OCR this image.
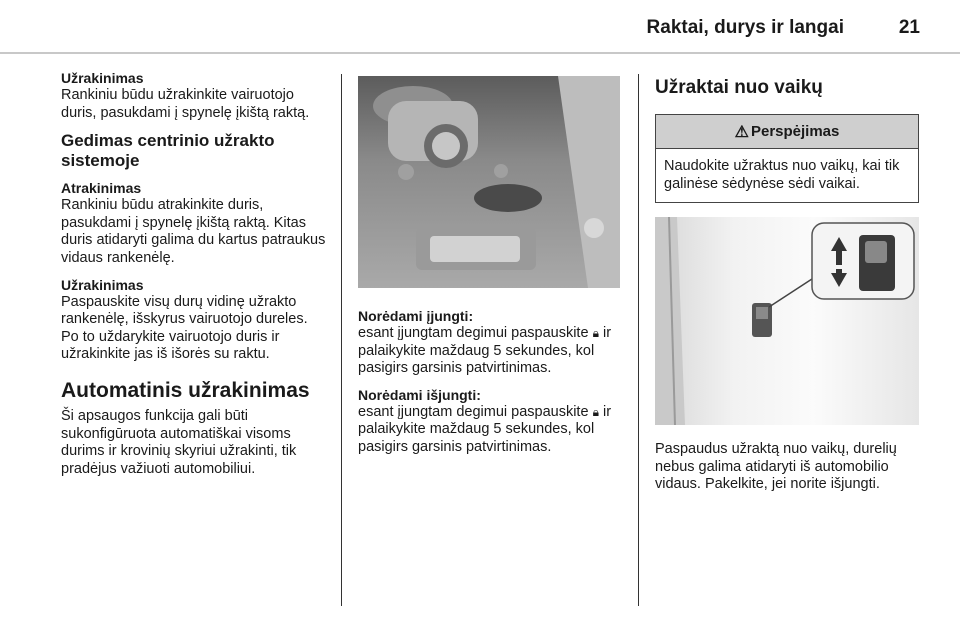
Raktai, durys ir langai	21

Užrakinimas

Rankiniu būdu užrakinkite vairuotojo duris, pasukdami į spynelę įkištą raktą.

Gedimas centrinio užrakto sistemoje

Atrakinimas

Rankiniu būdu atrakinkite duris, pasukdami į spynelę įkištą raktą. Kitas duris atidaryti galima du kartus patraukus vidaus rankenėlę.

Užrakinimas

Paspauskite visų durų vidinę užrakto rankenėlę, išskyrus vairuotojo dureles. Po to uždarykite vairuotojo duris ir užrakinkite jas iš išorės su raktu.

Automatinis užrakinimas

Ši apsaugos funkcija gali būti sukonfigūruota automatiškai visoms durims ir krovinių skyriui užrakinti, tik pradėjus važiuoti automobiliui.

Norėdami įjungti:

esant įjungtam degimui paspauskite 🔒︎ ir palaikykite maždaug 5 sekundes, kol pasigirs garsinis patvirtinimas.

Norėdami išjungti:

esant įjungtam degimui paspauskite 🔒︎ ir palaikykite maždaug 5 sekundes, kol pasigirs garsinis patvirtinimas.

Užraktai nuo vaikų

⚠ Perspėjimas
Naudokite užraktus nuo vaikų, kai tik galinėse sėdynėse sėdi vaikai.

Paspaudus užraktą nuo vaikų, durelių nebus galima atidaryti iš automobilio vidaus. Pakelkite, jei norite išjungti.
